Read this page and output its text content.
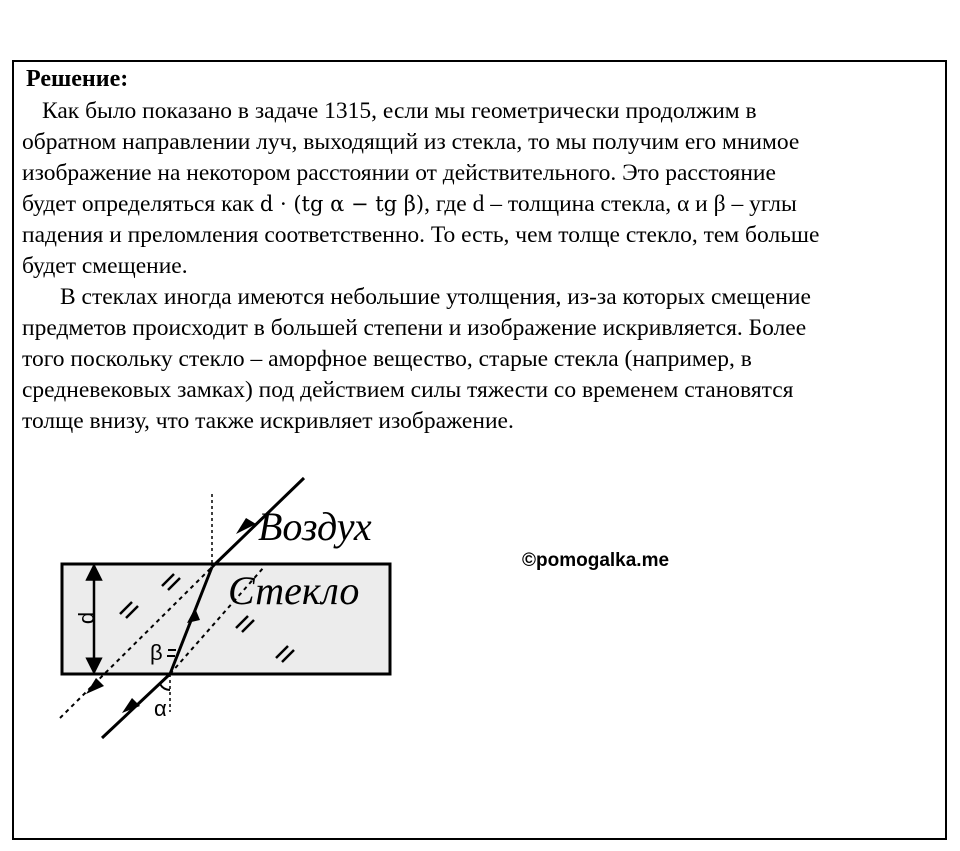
Решение:

Как было показано в задаче 1315, если мы геометрически продолжим в
обратном направлении луч, выходящий из стекла, то мы получим его мнимое
изображение на некотором расстоянии от действительного. Это расстояние
будет определяться как d · (tg α − tg β), где d – толщина стекла, α и β – углы
падения и преломления соответственно. То есть, чем толще стекло, тем больше
будет смещение.

В стеклах иногда имеются небольшие утолщения, из-за которых смещение
предметов происходит в большей степени и изображение искривляется. Более
того поскольку стекло – аморфное вещество, старые стекла (например, в
средневековых замках) под действием силы тяжести со временем становятся
толще внизу, что также искривляет изображение.

©pomogalka.me
d
α
β
Воздух
Стекло
